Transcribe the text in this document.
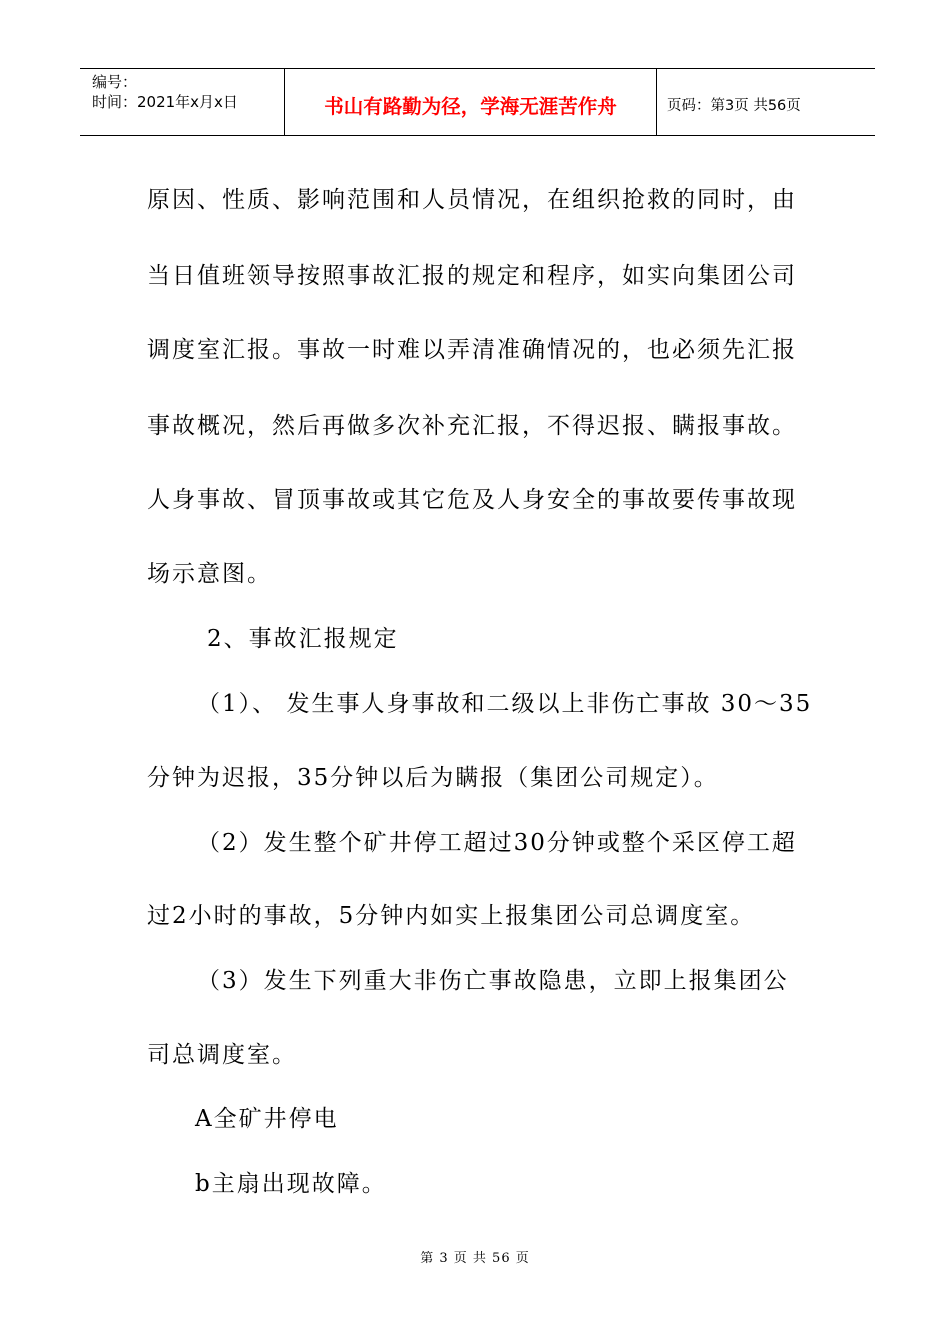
编号：
时间：2021年x月x日	书山有路勤为径，学海无涯苦作舟	页码：第3页 共56页
原因、性质、影响范围和人员情况，在组织抢救的同时，由
当日值班领导按照事故汇报的规定和程序，如实向集团公司
调度室汇报。事故一时难以弄清准确情况的，也必须先汇报
事故概况，然后再做多次补充汇报，不得迟报、瞒报事故。
人身事故、冒顶事故或其它危及人身安全的事故要传事故现
场示意图。
2、事故汇报规定
（1）、 发生事人身事故和二级以上非伤亡事故 30～35
分钟为迟报，35分钟以后为瞒报（集团公司规定）。
（2）发生整个矿井停工超过30分钟或整个采区停工超
过2小时的事故，5分钟内如实上报集团公司总调度室。
（3）发生下列重大非伤亡事故隐患，立即上报集团公
司总调度室。
A全矿井停电
b主扇出现故障。
第 3 页 共 56 页
